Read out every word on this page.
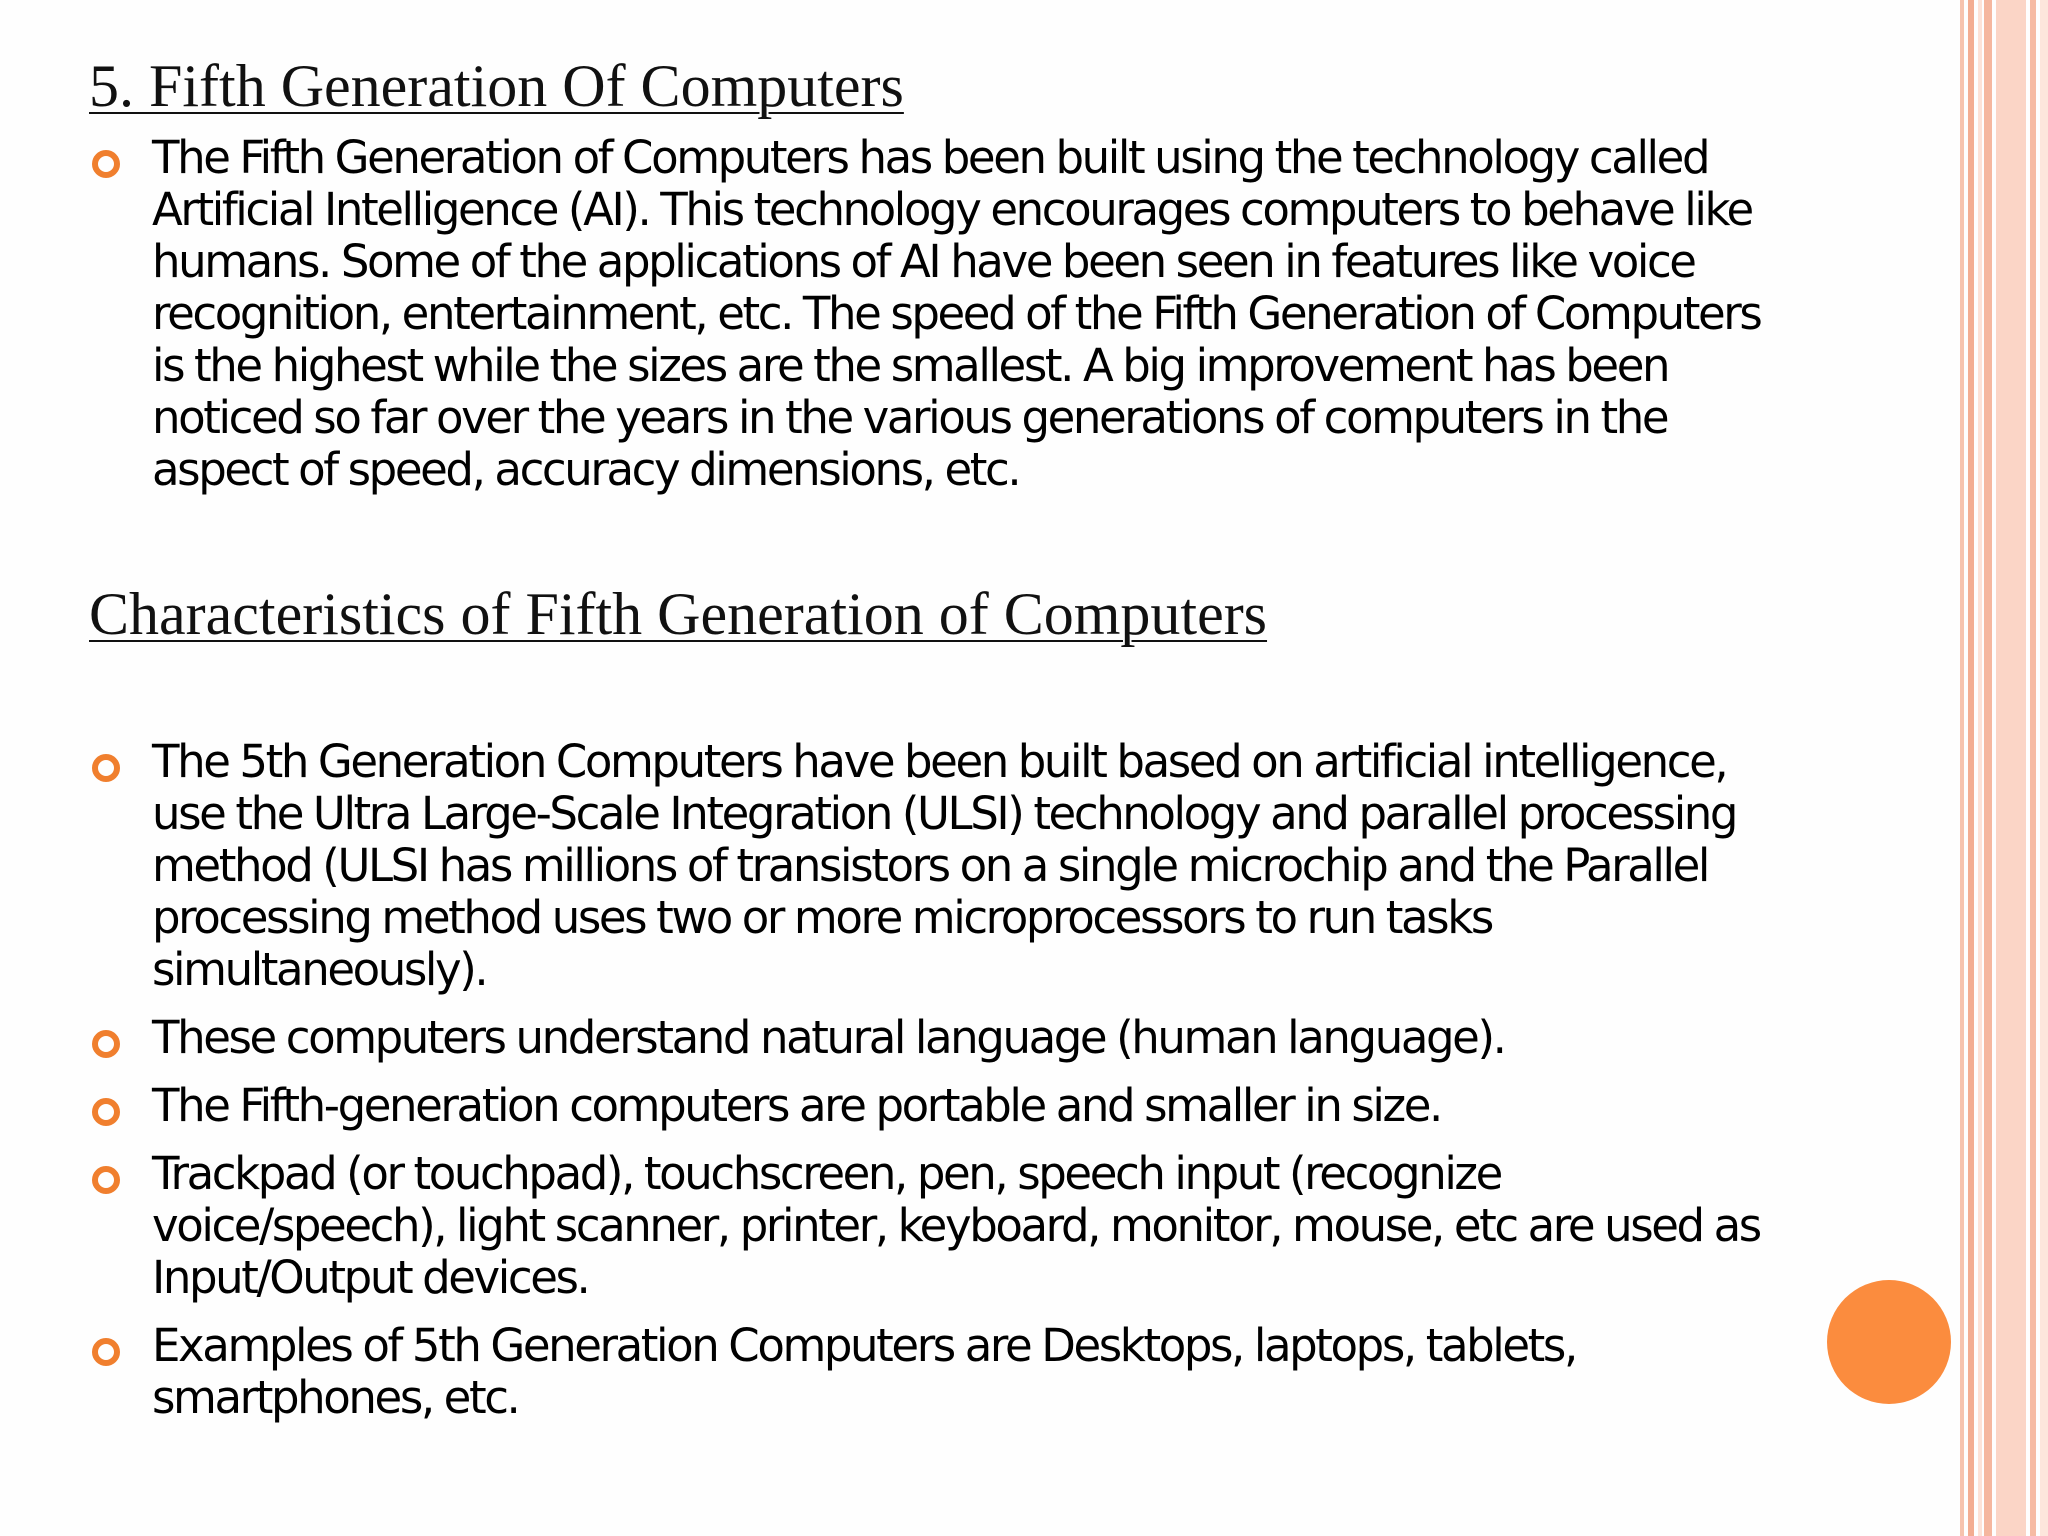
5. Fifth Generation Of Computers
The Fifth Generation of Computers has been built using the technology called Artificial Intelligence (AI). This technology encourages computers to behave like humans. Some of the applications of AI have been seen in features like voice recognition, entertainment, etc. The speed of the Fifth Generation of Computers is the highest while the sizes are the smallest. A big improvement has been noticed so far over the years in the various generations of computers in the aspect of speed, accuracy dimensions, etc.
Characteristics of Fifth Generation of Computers
The 5th Generation Computers have been built based on artificial intelligence, use the Ultra Large-Scale Integration (ULSI) technology and parallel processing method (ULSI has millions of transistors on a single microchip and the Parallel processing method uses two or more microprocessors to run tasks simultaneously).
These computers understand natural language (human language).
The Fifth-generation computers are portable and smaller in size.
Trackpad (or touchpad), touchscreen, pen, speech input (recognize voice/speech), light scanner, printer, keyboard, monitor, mouse, etc are used as Input/Output devices.
Examples of 5th Generation Computers are Desktops, laptops, tablets, smartphones, etc.
